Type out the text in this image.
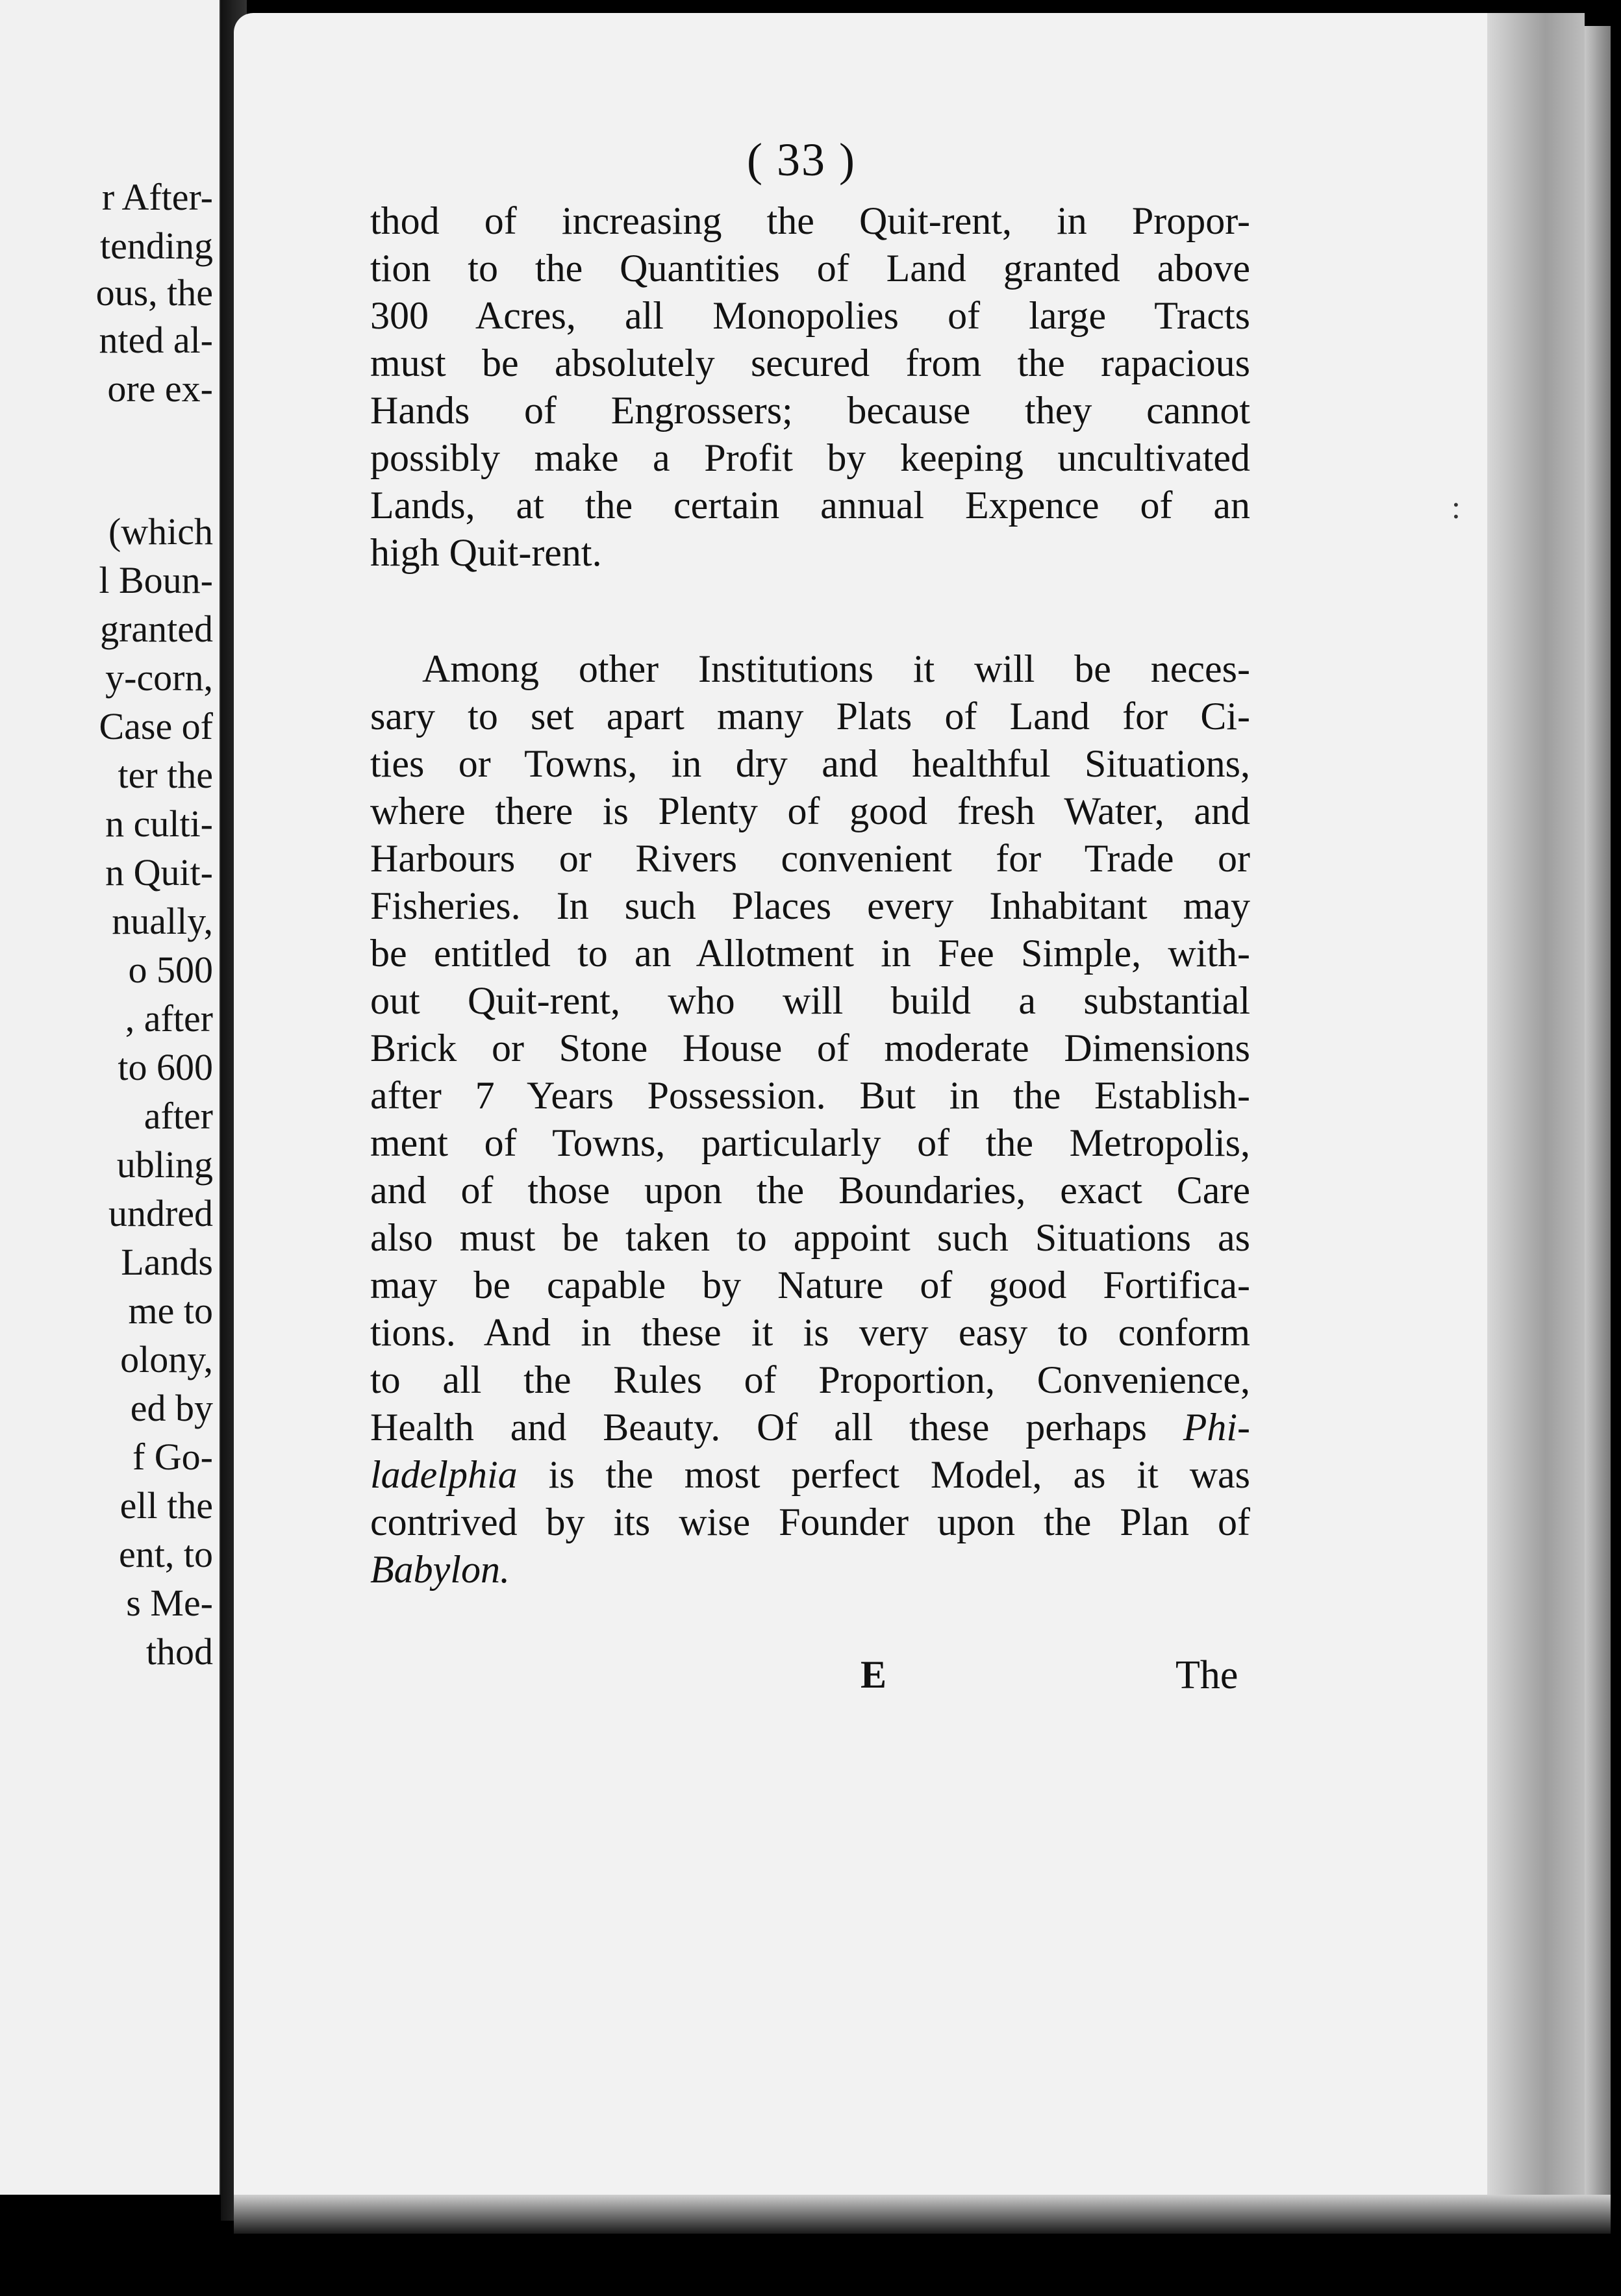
r After-
tending
ous, the
nted al-
ore ex-
(which
l Boun-
granted
y-corn,
Case of
ter the
n culti-
n Quit-
nually,
o 500
, after
to 600
after
ubling
undred
Lands
me to
olony,
ed by
f Go-
ell the
ent, to
s Me-
thod
( 33 )
thod of increasing the Quit-rent, in Propor-
tion to the Quantities of Land granted above
300 Acres, all Monopolies of large Tracts
must be absolutely secured from the rapacious
Hands of Engrossers; because they cannot
possibly make a Profit by keeping uncultivated
Lands, at the certain annual Expence of an
high Quit-rent.
Among other Institutions it will be neces-
sary to set apart many Plats of Land for Ci-
ties or Towns, in dry and healthful Situations,
where there is Plenty of good fresh Water, and
Harbours or Rivers convenient for Trade or
Fisheries. In such Places every Inhabitant may
be entitled to an Allotment in Fee Simple, with-
out Quit-rent, who will build a substantial
Brick or Stone House of moderate Dimensions
after 7 Years Possession. But in the Establish-
ment of Towns, particularly of the Metropolis,
and of those upon the Boundaries, exact Care
also must be taken to appoint such Situations as
may be capable by Nature of good Fortifica-
tions. And in these it is very easy to conform
to all the Rules of Proportion, Convenience,
Health and Beauty. Of all these perhaps Phi-
ladelphia is the most perfect Model, as it was
contrived by its wise Founder upon the Plan of
Babylon.
E	The
:
